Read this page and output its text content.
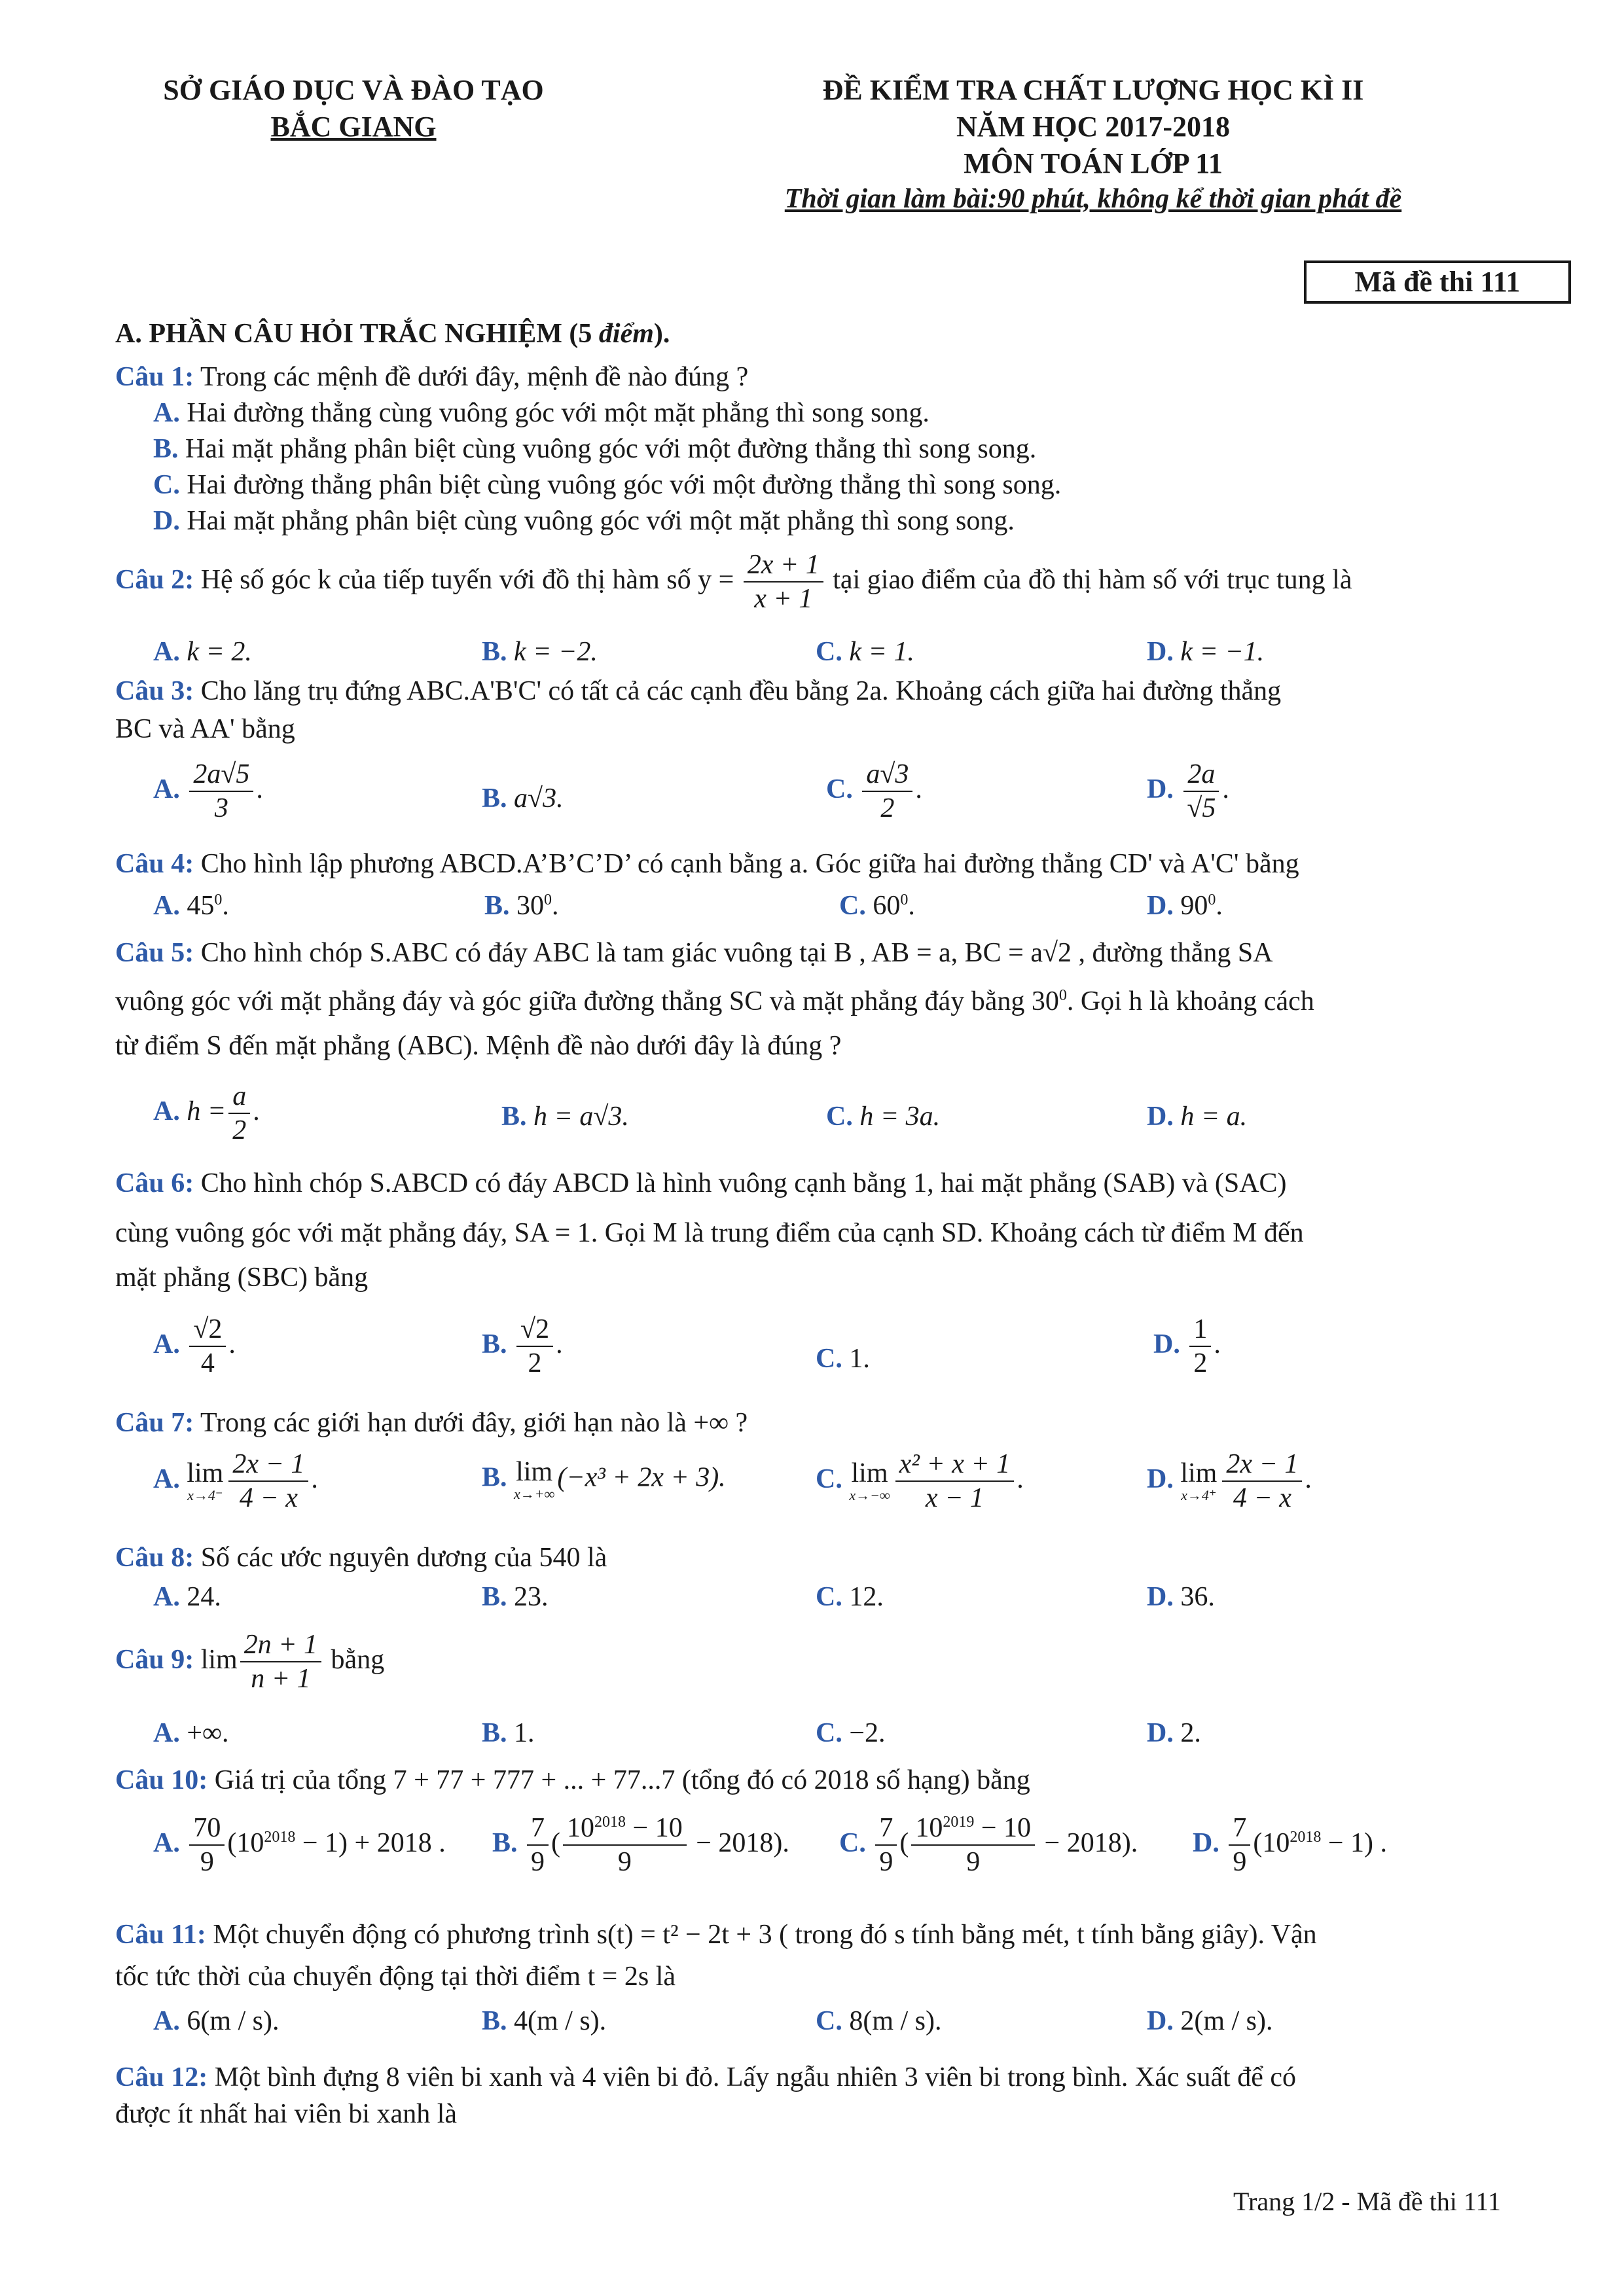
SỞ GIÁO DỤC VÀ ĐÀO TẠO
BẮC GIANG
ĐỀ KIỂM TRA CHẤT LƯỢNG HỌC KÌ II
NĂM HỌC 2017-2018
MÔN TOÁN LỚP 11
Thời gian làm bài:90 phút, không kể thời gian phát đề
Mã đề thi 111
A. PHẦN CÂU HỎI TRẮC NGHIỆM (5 điểm).
Câu 1: Trong các mệnh đề dưới đây, mệnh đề nào đúng ?
A. Hai đường thẳng cùng vuông góc với một mặt phẳng thì song song.
B. Hai mặt phẳng phân biệt cùng vuông góc với một đường thẳng thì song song.
C. Hai đường thẳng phân biệt cùng vuông góc với một đường thẳng thì song song.
D. Hai mặt phẳng phân biệt cùng vuông góc với một mặt phẳng thì song song.
Câu 2: Hệ số góc k của tiếp tuyến với đồ thị hàm số $y = \frac{2x + 1}{x + 1}$ tại giao điểm của đồ thị hàm số với trục tung là
A. k = 2.	B. k = −2.	C. k = 1.	D. k = −1.
Câu 3: Cho lăng trụ đứng ABC.A'B'C' có tất cả các cạnh đều bằng 2a. Khoảng cách giữa hai đường thẳng
BC và AA' bằng
A. $\frac{2a√5}{3}$ .	B. a√3.	C. $\frac{a√3}{2}$ .	D. $\frac{2a}{√5}$ .
Câu 4: Cho hình lập phương ABCD.A’B’C’D’ có cạnh bằng a. Góc giữa hai đường thẳng CD' và A'C' bằng
A. $45^0$.	B. $30^0$.	C. $60^0$.	D. $90^0$.
Câu 5: Cho hình chóp S.ABC có đáy ABC là tam giác vuông tại B , AB = a, BC = a√2 , đường thẳng SA
vuông góc với mặt phẳng đáy và góc giữa đường thẳng SC và mặt phẳng đáy bằng $30^0$. Gọi h là khoảng cách
từ điểm S đến mặt phẳng (ABC). Mệnh đề nào dưới đây là đúng ?
A. $h = \frac{a}{2}$ .	B. h = a√3.	C. h = 3a.	D. h = a.
Câu 6: Cho hình chóp S.ABCD có đáy ABCD là hình vuông cạnh bằng 1, hai mặt phẳng (SAB) và (SAC)
cùng vuông góc với mặt phẳng đáy, SA = 1. Gọi M là trung điểm của cạnh SD. Khoảng cách từ điểm M đến
mặt phẳng (SBC) bằng
A. $\frac{√2}{4}$ .	B. $\frac{√2}{2}$ .	C. 1.	D. $\frac{1}{2}$ .
Câu 7: Trong các giới hạn dưới đây, giới hạn nào là +∞ ?
A. lim
$x\to 4^- \frac{2x - 1}{4 - x}$ .	B. lim
x→+∞
(−x³ + 2x + 3).	C. lim
$x\to-\infty \frac{\text{x² + x + 1}}{x - 1}$ .	D. lim
$x\to 4^+ \frac{2x - 1}{4 - x}$ .
Câu 8: Số các ước nguyên dương của 540 là
A. 24.	B. 23.	C. 12.	D. 36.
Câu 9: $\lim \frac{2n + 1}{n + 1}$ bằng
A. +∞.	B. 1.	C. −2.	D. 2.
Câu 10: Giá trị của tổng 7 + 77 + 777 + ... + 77...7 (tổng đó có 2018 số hạng) bằng
A. $\frac{70}{9} (10^{2018} - 1) + 2018$ . B. $\frac{7}{9}$ ( $\frac{10^{2018} - 10}{9} - 2018$). C. $\frac{7}{9}$ ( $\frac{10^{2019} - 10}{9} - 2018$). D. $\frac{7}{9} (10^{2018} - 1)$ .
Câu 11: Một chuyển động có phương trình s(t) = t² − 2t + 3 ( trong đó s tính bằng mét, t tính bằng giây). Vận
tốc tức thời của chuyển động tại thời điểm t = 2s là
A. 6(m / s).	B. 4(m / s).	C. 8(m / s).	D. 2(m / s).
Câu 12: Một bình đựng 8 viên bi xanh và 4 viên bi đỏ. Lấy ngẫu nhiên 3 viên bi trong bình. Xác suất để có
được ít nhất hai viên bi xanh là
Trang 1/2 - Mã đề thi 111
